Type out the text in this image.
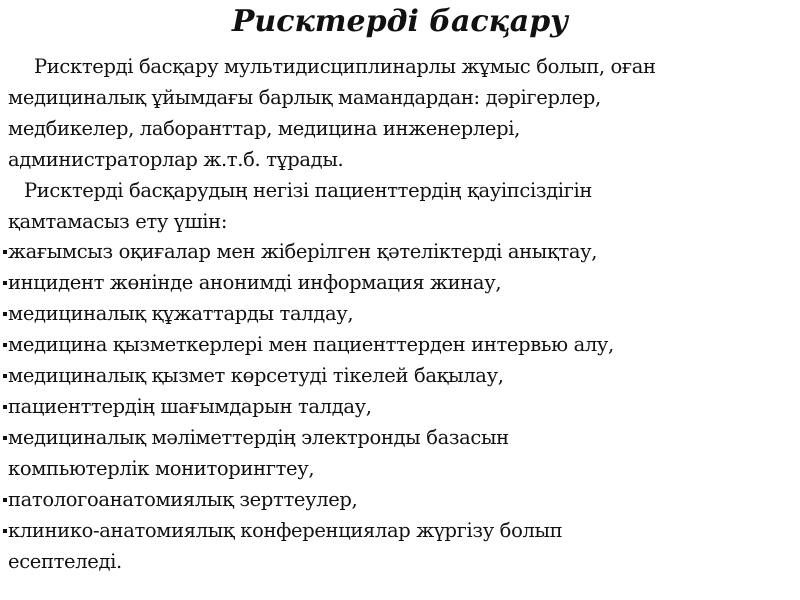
Рисктерді басқару
Рисктерді басқару мультидисциплинарлы жұмыс болып, оған
медициналық ұйымдағы барлық мамандардан: дәрігерлер,
медбикелер, лаборанттар, медицина инженерлері,
администраторлар ж.т.б. тұрады.
Рисктерді басқарудың негізі пациенттердің қауіпсіздігін
қамтамасыз ету үшін:
жағымсыз оқиғалар мен жіберілген қәтеліктерді анықтау,
инцидент жөнінде анонимді информация жинау,
медициналық құжаттарды талдау,
медицина қызметкерлері мен пациенттерден интервью алу,
медициналық қызмет көрсетуді тікелей бақылау,
пациенттердің шағымдарын талдау,
медициналық мәліметтердің электронды базасын
компьютерлік мониторингтеу,
патологоанатомиялық зерттеулер,
клинико-анатомиялық конференциялар жүргізу болып
есептеледі.
